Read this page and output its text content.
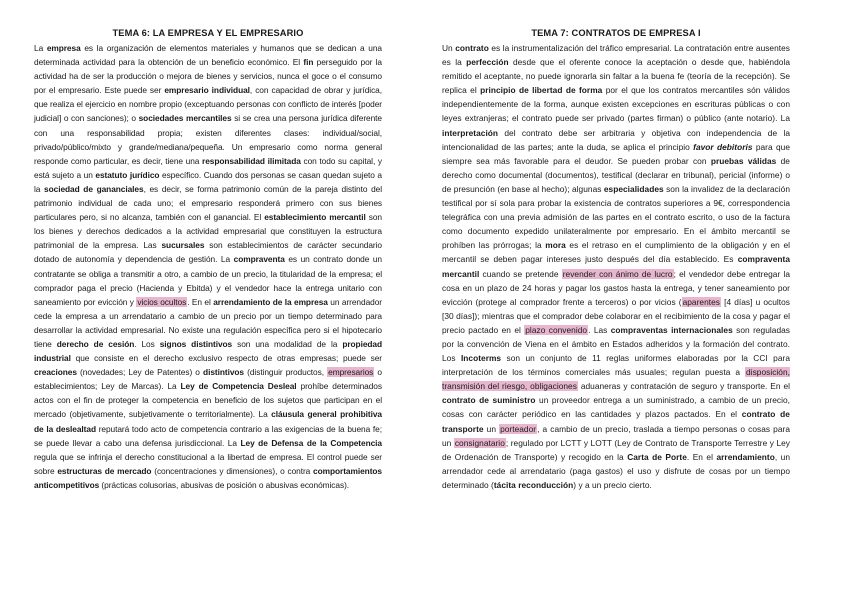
TEMA 6: LA EMPRESA Y EL EMPRESARIO

La empresa es la organización de elementos materiales y humanos que se dedican a una determinada actividad para la obtención de un beneficio económico. El fin perseguido por la actividad ha de ser la producción o mejora de bienes y servicios, nunca el goce o el consumo por el empresario. Este puede ser empresario individual, con capacidad de obrar y jurídica, que realiza el ejercicio en nombre propio (exceptuando personas con conflicto de interés [poder judicial] o con sanciones); o sociedades mercantiles si se crea una persona jurídica diferente con una responsabilidad propia; existen diferentes clases: individual/social, privado/público/mixto y grande/mediana/pequeña. Un empresario como norma general responde como particular, es decir, tiene una responsabilidad ilimitada con todo su capital, y está sujeto a un estatuto jurídico específico. Cuando dos personas se casan quedan sujeto a la sociedad de gananciales, es decir, se forma patrimonio común de la pareja distinto del patrimonio individual de cada uno; el empresario responderá primero con sus bienes particulares pero, si no alcanza, también con el ganancial. El establecimiento mercantil son los bienes y derechos dedicados a la actividad empresarial que constituyen la estructura patrimonial de la empresa. Las sucursales son establecimientos de carácter secundario dotado de autonomía y dependencia de gestión. La compraventa es un contrato donde un contratante se obliga a transmitir a otro, a cambio de un precio, la titularidad de la empresa; el comprador paga el precio (Hacienda y Ebitda) y el vendedor hace la entrega unitario con saneamiento por evicción y vicios ocultos. En el arrendamiento de la empresa un arrendador cede la empresa a un arrendatario a cambio de un precio por un tiempo determinado para desarrollar la actividad empresarial. No existe una regulación específica pero si el hipotecario tiene derecho de cesión. Los signos distintivos son una modalidad de la propiedad industrial que consiste en el derecho exclusivo respecto de otras empresas; puede ser creaciones (novedades; Ley de Patentes) o distintivos (distinguir productos, empresarios o establecimientos; Ley de Marcas). La Ley de Competencia Desleal prohíbe determinados actos con el fin de proteger la competencia en beneficio de los sujetos que participan en el mercado (objetivamente, subjetivamente o territorialmente). La cláusula general prohibitiva de la deslealtad reputará todo acto de competencia contrario a las exigencias de la buena fe; se puede llevar a cabo una defensa jurisdiccional. La Ley de Defensa de la Competencia regula que se infrinja el derecho constitucional a la libertad de empresa. El control puede ser sobre estructuras de mercado (concentraciones y dimensiones), o contra comportamientos anticompetitivos (prácticas colusorias, abusivas de posición o abusivas económicas).

TEMA 7: CONTRATOS DE EMPRESA I

Un contrato es la instrumentalización del tráfico empresarial. La contratación entre ausentes es la perfección desde que el oferente conoce la aceptación o desde que, habiéndola remitido el aceptante, no puede ignorarla sin faltar a la buena fe (teoría de la recepción). Se replica el principio de libertad de forma por el que los contratos mercantiles són válidos independientemente de la forma, aunque existen excepciones en escrituras públicas o con leyes extranjeras; el contrato puede ser privado (partes firman) o público (ante notario). La interpretación del contrato debe ser arbitraria y objetiva con independencia de la intencionalidad de las partes; ante la duda, se aplica el principio favor debitoris para que siempre sea más favorable para el deudor. Se pueden probar con pruebas válidas de derecho como documental (documentos), testifical (declarar en tribunal), pericial (informe) o de presunción (en base al hecho); algunas especialidades son la invalidez de la declaración testifical por sí sola para probar la existencia de contratos superiores a 9€, correspondencia telegráfica con una previa admisión de las partes en el contrato escrito, o uso de la factura como documento expedido unilateralmente por empresario. En el ámbito mercantil se prohíben las prórrogas; la mora es el retraso en el cumplimiento de la obligación y en el mercantil se deben pagar intereses justo después del día establecido. Es compraventa mercantil cuando se pretende revender con ánimo de lucro; el vendedor debe entregar la cosa en un plazo de 24 horas y pagar los gastos hasta la entrega, y tener saneamiento por evicción (protege al comprador frente a terceros) o por vicios (aparentes [4 días] u ocultos [30 días]); mientras que el comprador debe colaborar en el recibimiento de la cosa y pagar el precio pactado en el plazo convenido. Las compraventas internacionales son reguladas por la convención de Viena en el ámbito en Estados adheridos y la formación del contrato. Los Incoterms son un conjunto de 11 reglas uniformes elaboradas por la CCI para interpretación de los términos comerciales más usuales; regulan puesta a disposición, transmisión del riesgo, obligaciones aduaneras y contratación de seguro y transporte. En el contrato de suministro un proveedor entrega a un suministrado, a cambio de un precio, cosas con carácter periódico en las cantidades y plazos pactados. En el contrato de transporte un porteador, a cambio de un precio, traslada a tiempo personas o cosas para un consignatario; regulado por LCTT y LOTT (Ley de Contrato de Transporte Terrestre y Ley de Ordenación de Transporte) y recogido en la Carta de Porte. En el arrendamiento, un arrendador cede al arrendatario (paga gastos) el uso y disfrute de cosas por un tiempo determinado (tácita reconducción) y a un precio cierto.
